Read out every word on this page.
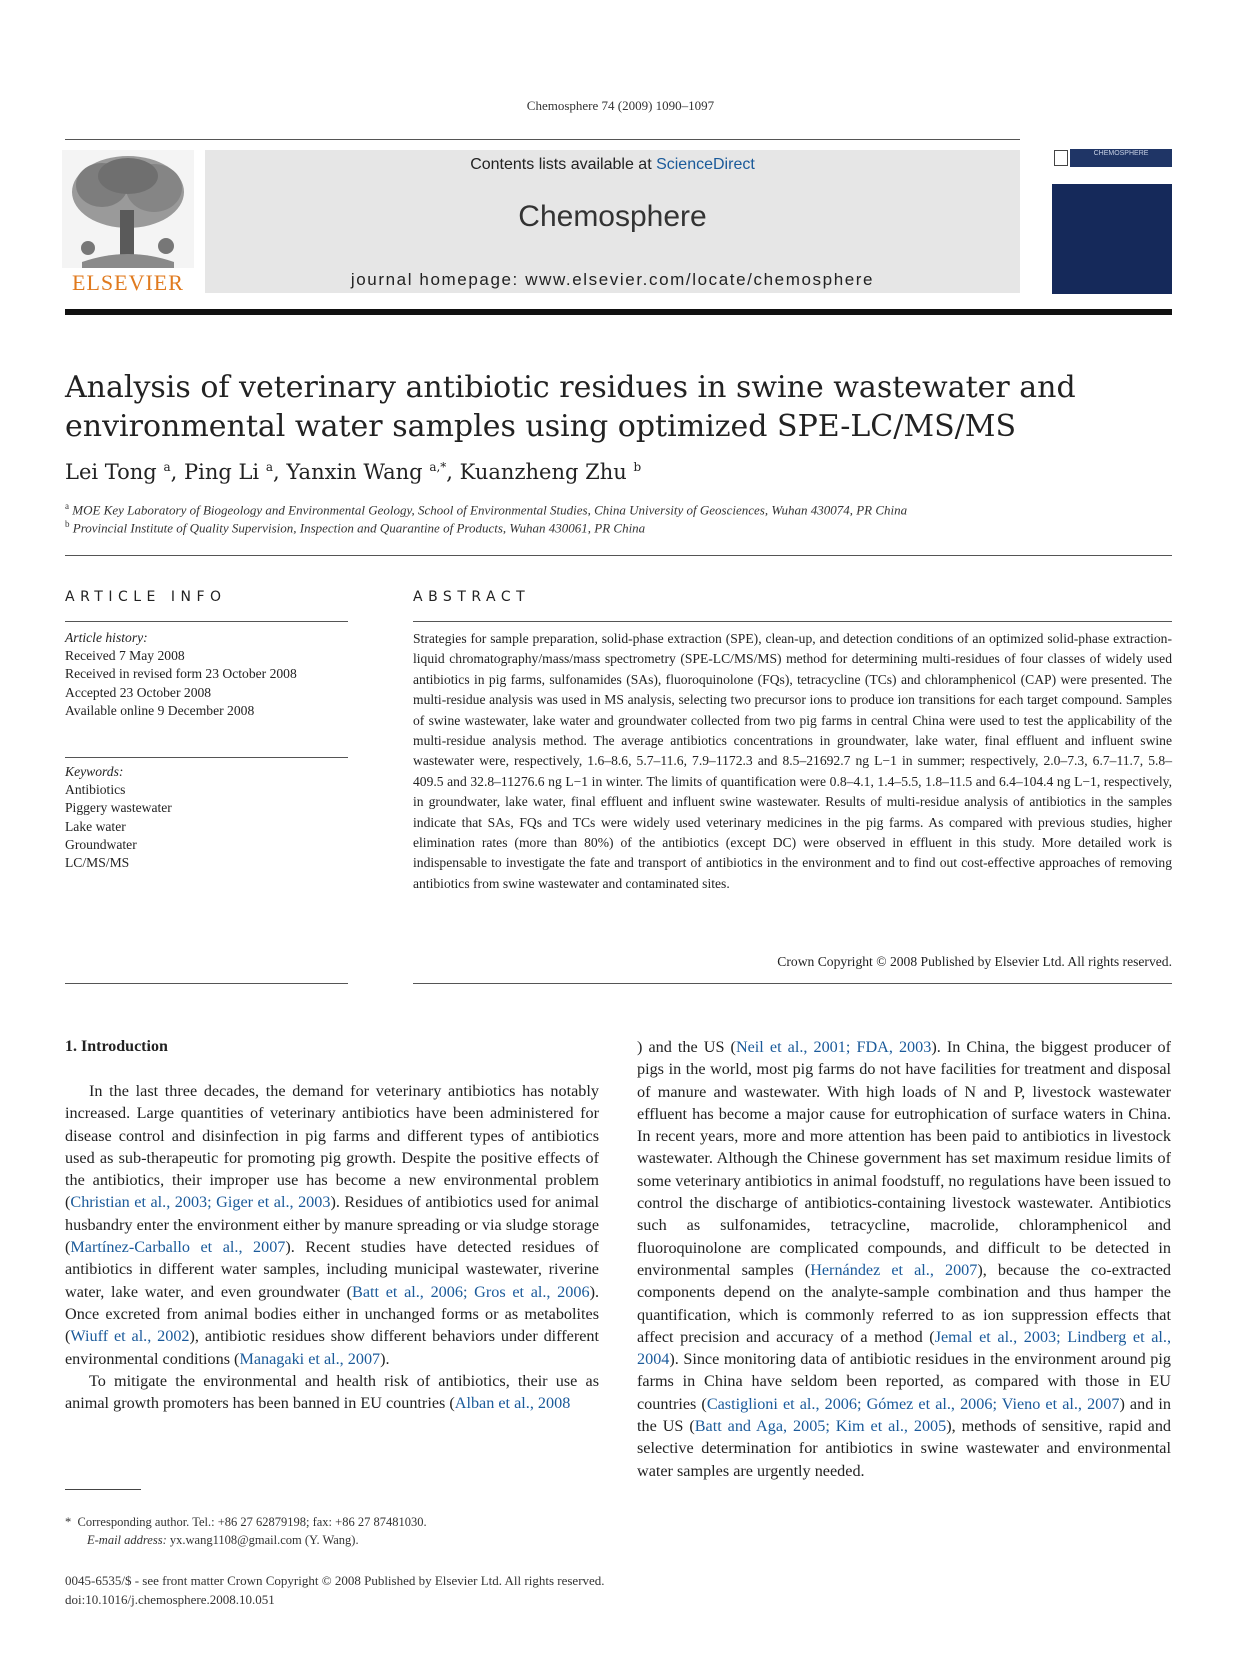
Chemosphere 74 (2009) 1090–1097
ELSEVIER
Contents lists available at ScienceDirect
Chemosphere
journal homepage: www.elsevier.com/locate/chemosphere
CHEMOSPHERE
Analysis of veterinary antibiotic residues in swine wastewater and environmental water samples using optimized SPE-LC/MS/MS
Lei Tong $^a$, Ping Li $^a$, Yanxin Wang $^{a,*}$, Kuanzheng Zhu $^b$
$^a$ MOE Key Laboratory of Biogeology and Environmental Geology, School of Environmental Studies, China University of Geosciences, Wuhan 430074, PR China
$^b$ Provincial Institute of Quality Supervision, Inspection and Quarantine of Products, Wuhan 430061, PR China
ARTICLE INFO
Article history:
Received 7 May 2008
Received in revised form 23 October 2008
Accepted 23 October 2008
Available online 9 December 2008
Keywords:
Antibiotics
Piggery wastewater
Lake water
Groundwater
LC/MS/MS
ABSTRACT
Strategies for sample preparation, solid-phase extraction (SPE), clean-up, and detection conditions of an optimized solid-phase extraction-liquid chromatography/mass/mass spectrometry (SPE-LC/MS/MS) method for determining multi-residues of four classes of widely used antibiotics in pig farms, sulfonamides (SAs), fluoroquinolone (FQs), tetracycline (TCs) and chloramphenicol (CAP) were presented. The multi-residue analysis was used in MS analysis, selecting two precursor ions to produce ion transitions for each target compound. Samples of swine wastewater, lake water and groundwater collected from two pig farms in central China were used to test the applicability of the multi-residue analysis method. The average antibiotics concentrations in groundwater, lake water, final effluent and influent swine wastewater were, respectively, 1.6–8.6, 5.7–11.6, 7.9–1172.3 and 8.5–21692.7 ng L−1 in summer; respectively, 2.0–7.3, 6.7–11.7, 5.8–409.5 and 32.8–11276.6 ng L−1 in winter. The limits of quantification were 0.8–4.1, 1.4–5.5, 1.8–11.5 and 6.4–104.4 ng L−1, respectively, in groundwater, lake water, final effluent and influent swine wastewater. Results of multi-residue analysis of antibiotics in the samples indicate that SAs, FQs and TCs were widely used veterinary medicines in the pig farms. As compared with previous studies, higher elimination rates (more than 80%) of the antibiotics (except DC) were observed in effluent in this study. More detailed work is indispensable to investigate the fate and transport of antibiotics in the environment and to find out cost-effective approaches of removing antibiotics from swine wastewater and contaminated sites.
Crown Copyright © 2008 Published by Elsevier Ltd. All rights reserved.
1. Introduction

In the last three decades, the demand for veterinary antibiotics has notably increased. Large quantities of veterinary antibiotics have been administered for disease control and disinfection in pig farms and different types of antibiotics used as sub-therapeutic for promoting pig growth. Despite the positive effects of the antibiotics, their improper use has become a new environmental problem (Christian et al., 2003; Giger et al., 2003). Residues of antibiotics used for animal husbandry enter the environment either by manure spreading or via sludge storage (Martínez-Carballo et al., 2007). Recent studies have detected residues of antibiotics in different water samples, including municipal wastewater, riverine water, lake water, and even groundwater (Batt et al., 2006; Gros et al., 2006). Once excreted from animal bodies either in unchanged forms or as metabolites (Wiuff et al., 2002), antibiotic residues show different behaviors under different environmental conditions (Managaki et al., 2007).

To mitigate the environmental and health risk of antibiotics, their use as animal growth promoters has been banned in EU countries (Alban et al., 2008

) and the US (Neil et al., 2001; FDA, 2003). In China, the biggest producer of pigs in the world, most pig farms do not have facilities for treatment and disposal of manure and wastewater. With high loads of N and P, livestock wastewater effluent has become a major cause for eutrophication of surface waters in China. In recent years, more and more attention has been paid to antibiotics in livestock wastewater. Although the Chinese government has set maximum residue limits of some veterinary antibiotics in animal foodstuff, no regulations have been issued to control the discharge of antibiotics-containing livestock wastewater. Antibiotics such as sulfonamides, tetracycline, macrolide, chloramphenicol and fluoroquinolone are complicated compounds, and difficult to be detected in environmental samples (Hernández et al., 2007), because the co-extracted components depend on the analyte-sample combination and thus hamper the quantification, which is commonly referred to as ion suppression effects that affect precision and accuracy of a method (Jemal et al., 2003; Lindberg et al., 2004). Since monitoring data of antibiotic residues in the environment around pig farms in China have seldom been reported, as compared with those in EU countries (Castiglioni et al., 2006; Gómez et al., 2006; Vieno et al., 2007) and in the US (Batt and Aga, 2005; Kim et al., 2005), methods of sensitive, rapid and selective determination for antibiotics in swine wastewater and environmental water samples are urgently needed.

*  Corresponding author. Tel.: +86 27 62879198; fax: +86 27 87481030.
E-mail address: yx.wang1108@gmail.com (Y. Wang).
0045-6535/$ - see front matter Crown Copyright © 2008 Published by Elsevier Ltd. All rights reserved.
doi:10.1016/j.chemosphere.2008.10.051
